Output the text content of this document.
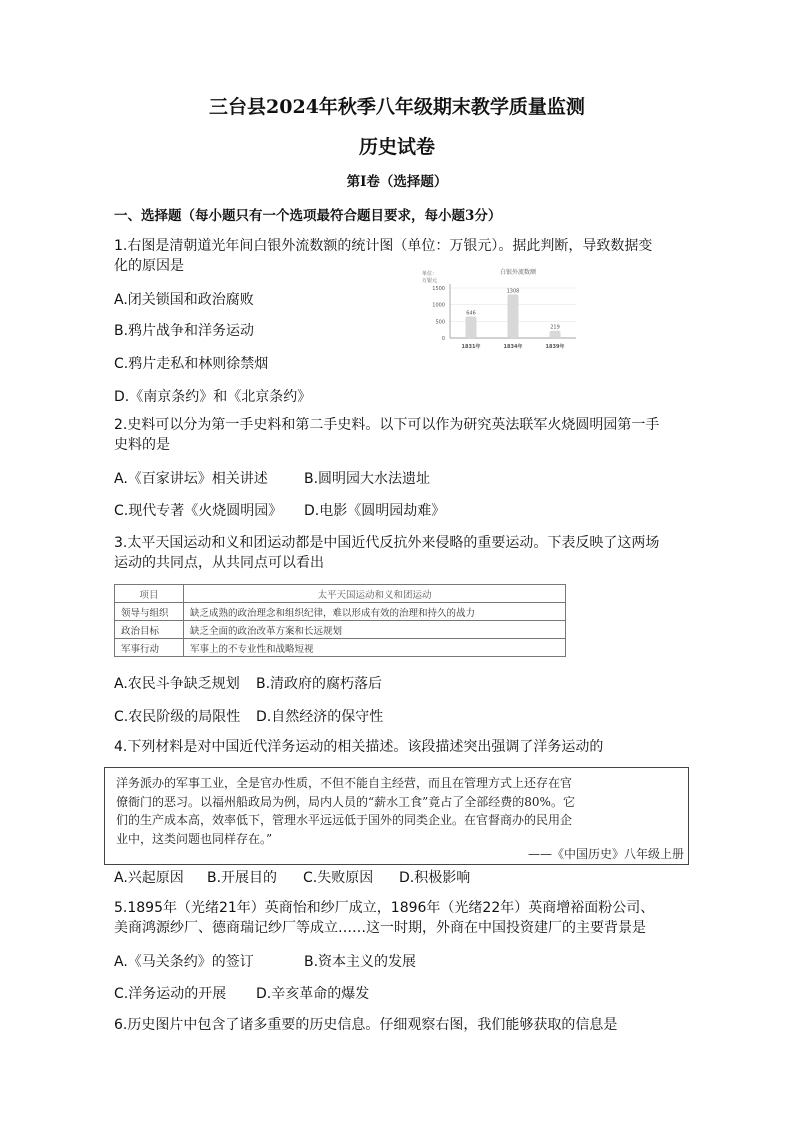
三台县2024年秋季八年级期末教学质量监测
历史试卷
第Ⅰ卷（选择题）
一、选择题（每小题只有一个选项最符合题目要求，每小题3分）
1.右图是清朝道光年间白银外流数额的统计图（单位：万银元）。据此判断，导致数据变
化的原因是
A.闭关锁国和政治腐败
B.鸦片战争和洋务运动
C.鸦片走私和林则徐禁烟
D.《南京条约》和《北京条约》
白银外流数额
单位：
万银元
1500
1000
500
0
646
1831年
1308
1834年
219
1839年
2.史料可以分为第一手史料和第二手史料。以下可以作为研究英法联军火烧圆明园第一手
史料的是
A.《百家讲坛》相关讲述	B.圆明园大水法遗址
C.现代专著《火烧圆明园》 D.电影《圆明园劫难》
3.太平天国运动和义和团运动都是中国近代反抗外来侵略的重要运动。下表反映了这两场
运动的共同点，从共同点可以看出
项目	太平天国运动和义和团运动
领导与组织	缺乏成熟的政治理念和组织纪律，难以形成有效的治理和持久的战力
政治目标	缺乏全面的政治改革方案和长远规划
军事行动	军事上的不专业性和战略短视
A.农民斗争缺乏规划 B.清政府的腐朽落后
C.农民阶级的局限性 D.自然经济的保守性
4.下列材料是对中国近代洋务运动的相关描述。该段描述突出强调了洋务运动的
洋务派办的军事工业，全是官办性质，不但不能自主经营，而且在管理方式上还存在官
僚衙门的恶习。以福州船政局为例，局内人员的“薪水工食”竟占了全部经费的80%。它
们的生产成本高，效率低下，管理水平远远低于国外的同类企业。在官督商办的民用企
业中，这类问题也同样存在。”
——《中国历史》八年级上册
A.兴起原因 B.开展目的 C.失败原因 D.积极影响
5.1895年（光绪21年）英商怡和纱厂成立，1896年（光绪22年）英商增裕面粉公司、
美商鸿源纱厂、德商瑞记纱厂等成立……这一时期，外商在中国投资建厂的主要背景是
A.《马关条约》的签订	B.资本主义的发展
C.洋务运动的开展 D.辛亥革命的爆发
6.历史图片中包含了诸多重要的历史信息。仔细观察右图，我们能够获取的信息是
